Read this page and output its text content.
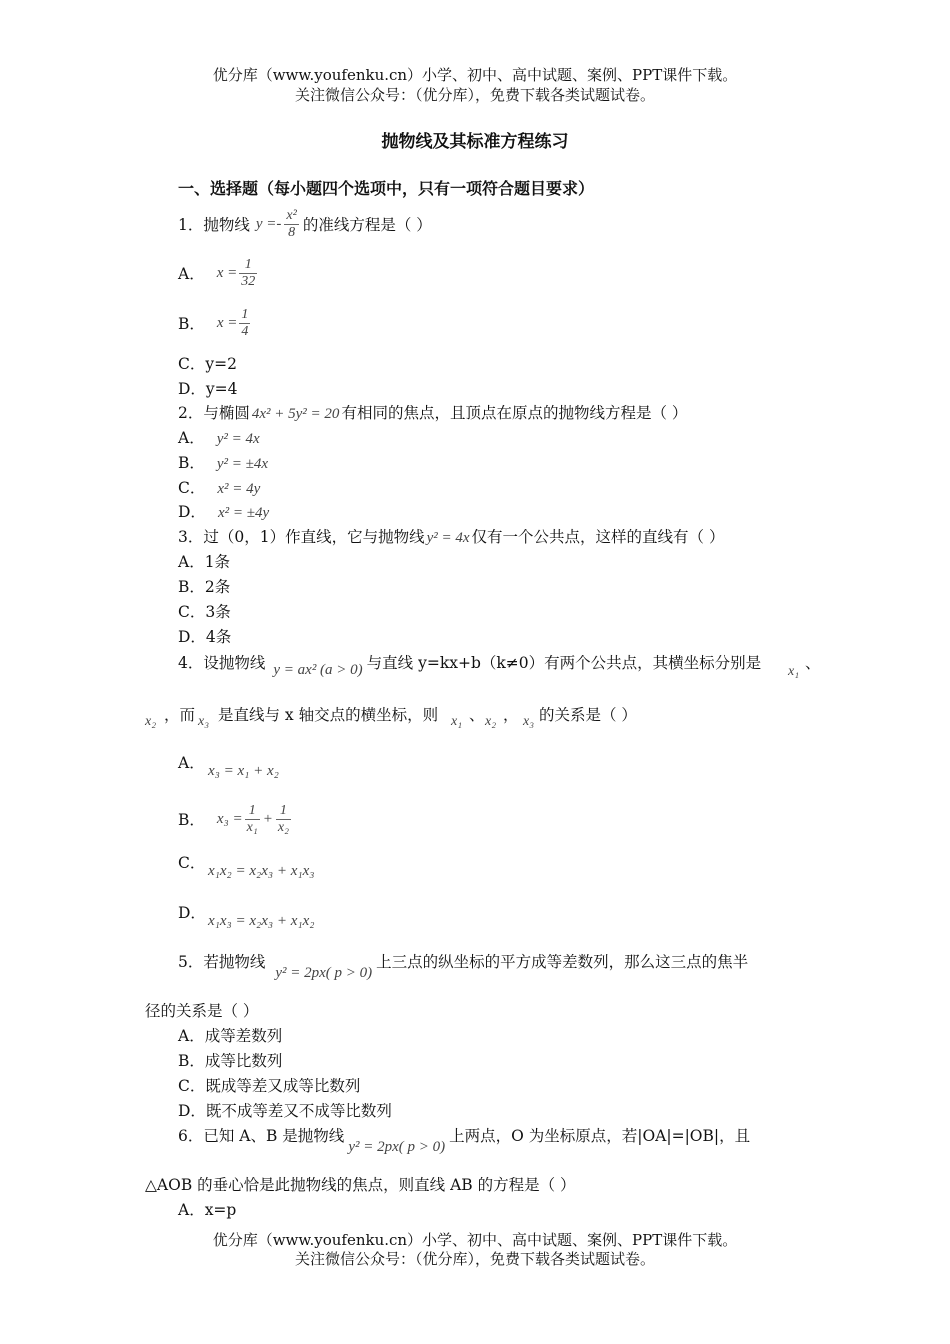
优分库（www.youfenku.cn）小学、初中、高中试题、案例、PPT课件下载。
关注微信公众号：（优分库），免费下载各类试题试卷。
抛物线及其标准方程练习
一、选择题（每小题四个选项中，只有一项符合题目要求）
1．抛物线 $y =- \frac{\text{x²}}{8}$ 的准线方程是（ ）
A． $x = \frac{1}{32}$
B． $x = \frac{1}{4}$
C．y=2
D．y=4
2．与椭圆 4x² + 5y² = 20 有相同的焦点，且顶点在原点的抛物线方程是（ ）
A． y² = 4x
B． y² = ±4x
C． x² = 4y
D． x² = ±4y
3．过（0，1）作直线，它与抛物线 y² = 4x 仅有一个公共点，这样的直线有（ ）
A．1条
B．2条
C．3条
D．4条
4．设抛物线 y = ax² (a > 0) 与直线 y=kx+b（k≠0）有两个公共点，其横坐标分别是 x₁ 、
x₂ ，而 x₃ 是直线与 x 轴交点的横坐标，则 x₁ 、 x₂ ， x₃ 的关系是（ ）
A． x₃ = x₁ + x₂
B． $x_3 = \frac{1}{\text{x₁}} + \frac{1}{\text{x₂}}$
C． x₁x₂ = x₂x₃ + x₁x₃
D． x₁x₃ = x₂x₃ + x₁x₂
5．若抛物线y² = 2px( p > 0)上三点的纵坐标的平方成等差数列，那么这三点的焦半
径的关系是（ ）
A．成等差数列
B．成等比数列
C．既成等差又成等比数列
D．既不成等差又不成等比数列
6．已知 A、B 是抛物线y² = 2px( p > 0)上两点，O 为坐标原点，若|OA|=|OB|，且
△AOB 的垂心恰是此抛物线的焦点，则直线 AB 的方程是（ ）
A．x=p
优分库（www.youfenku.cn）小学、初中、高中试题、案例、PPT课件下载。
关注微信公众号：（优分库），免费下载各类试题试卷。
